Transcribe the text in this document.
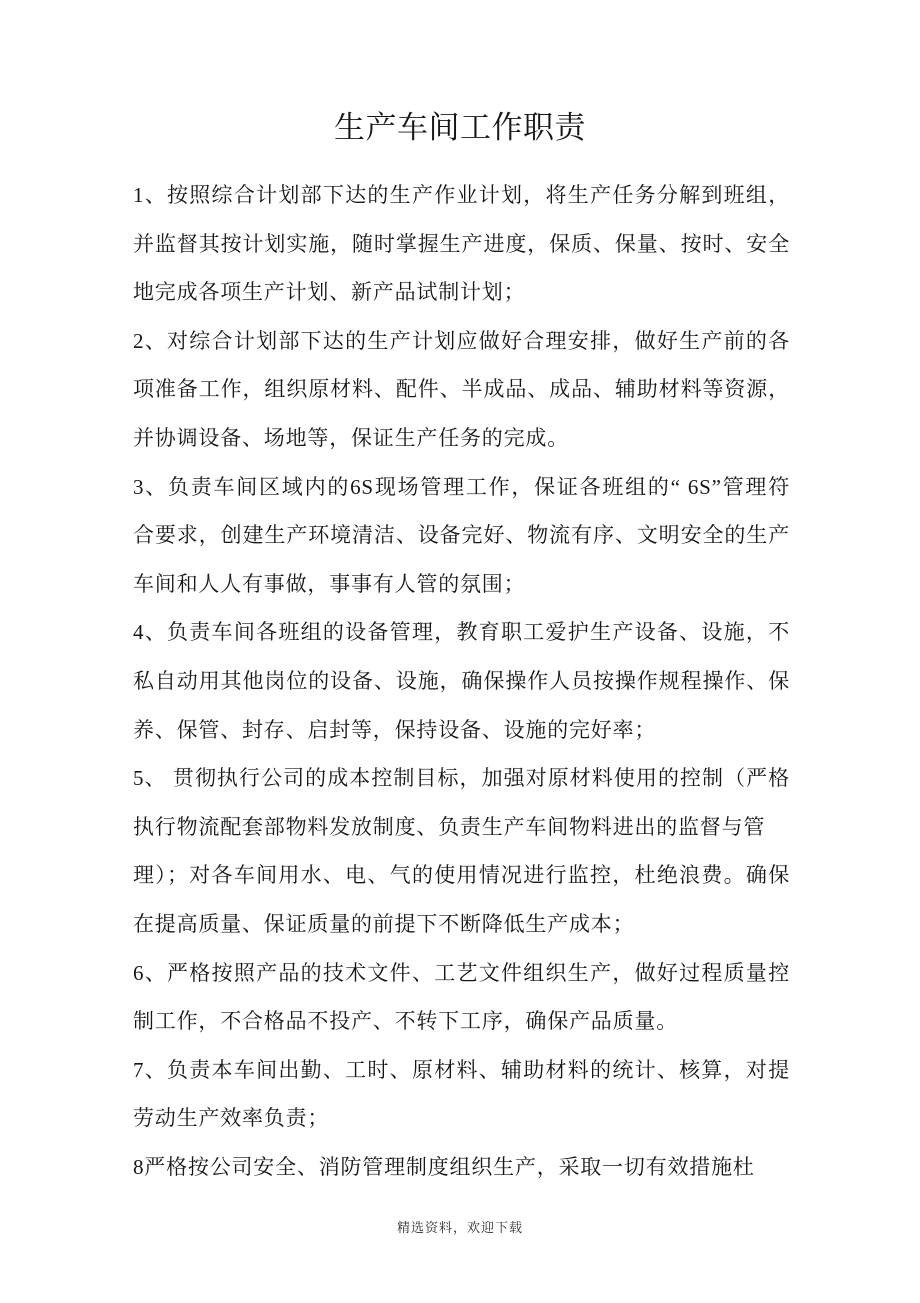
生产车间工作职责

1、按照综合计划部下达的生产作业计划，将生产任务分解到班组，
并监督其按计划实施，随时掌握生产进度，保质、保量、按时、安全
地完成各项生产计划、新产品试制计划；

2、对综合计划部下达的生产计划应做好合理安排，做好生产前的各
项准备工作，组织原材料、配件、半成品、成品、辅助材料等资源，
并协调设备、场地等，保证生产任务的完成。

3、负责车间区域内的6S现场管理工作，保证各班组的“ 6S”管理符
合要求，创建生产环境清洁、设备完好、物流有序、文明安全的生产
车间和人人有事做，事事有人管的氛围；

4、负责车间各班组的设备管理，教育职工爱护生产设备、设施，不
私自动用其他岗位的设备、设施，确保操作人员按操作规程操作、保
养、保管、封存、启封等，保持设备、设施的完好率；

5、 贯彻执行公司的成本控制目标，加强对原材料使用的控制（严格
执行物流配套部物料发放制度、负责生产车间物料进出的监督与管
理）；对各车间用水、电、气的使用情况进行监控，杜绝浪费。确保
在提高质量、保证质量的前提下不断降低生产成本；

6、严格按照产品的技术文件、工艺文件组织生产，做好过程质量控
制工作，不合格品不投产、不转下工序，确保产品质量。

7、负责本车间出勤、工时、原材料、辅助材料的统计、核算，对提
劳动生产效率负责；

8严格按公司安全、消防管理制度组织生产，采取一切有效措施杜

精选资料，欢迎下载
